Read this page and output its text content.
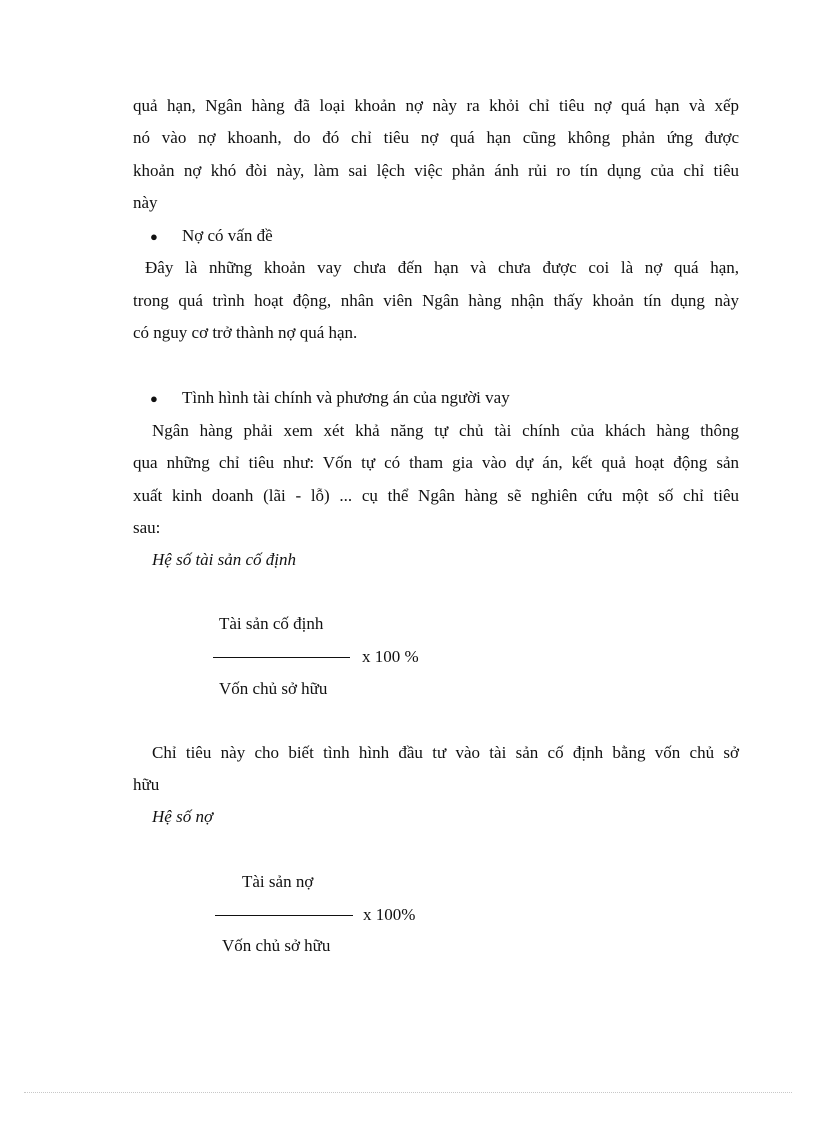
quả hạn, Ngân hàng đã loại khoản nợ này ra khỏi chỉ tiêu nợ quá hạn và xếp
nó vào nợ khoanh, do đó chỉ tiêu nợ quá hạn cũng không phản ứng được
khoản nợ khó đòi này, làm sai lệch việc phản ánh rủi ro tín dụng của chỉ tiêu
này
● Nợ có vấn đề
Đây là những khoản vay chưa đến hạn và chưa được coi là nợ quá hạn,
trong quá trình hoạt động, nhân viên Ngân hàng nhận thấy khoản tín dụng này
có nguy cơ trở thành nợ quá hạn.
● Tình hình tài chính và phương án của người vay
Ngân hàng phải xem xét khả năng tự chủ tài chính của khách hàng thông
qua những chỉ tiêu như: Vốn tự có tham gia vào dự án, kết quả hoạt động sản
xuất kinh doanh (lãi - lỗ) ... cụ thể Ngân hàng sẽ nghiên cứu một số chỉ tiêu
sau:
Hệ số tài sản cố định
Tài sản cố định
x 100 %
Vốn chủ sở hữu
Chỉ tiêu này cho biết tình hình đầu tư vào tài sản cố định bằng vốn chủ sở
hữu
Hệ số nợ
Tài sản nợ
x 100%
Vốn chủ sở hữu
